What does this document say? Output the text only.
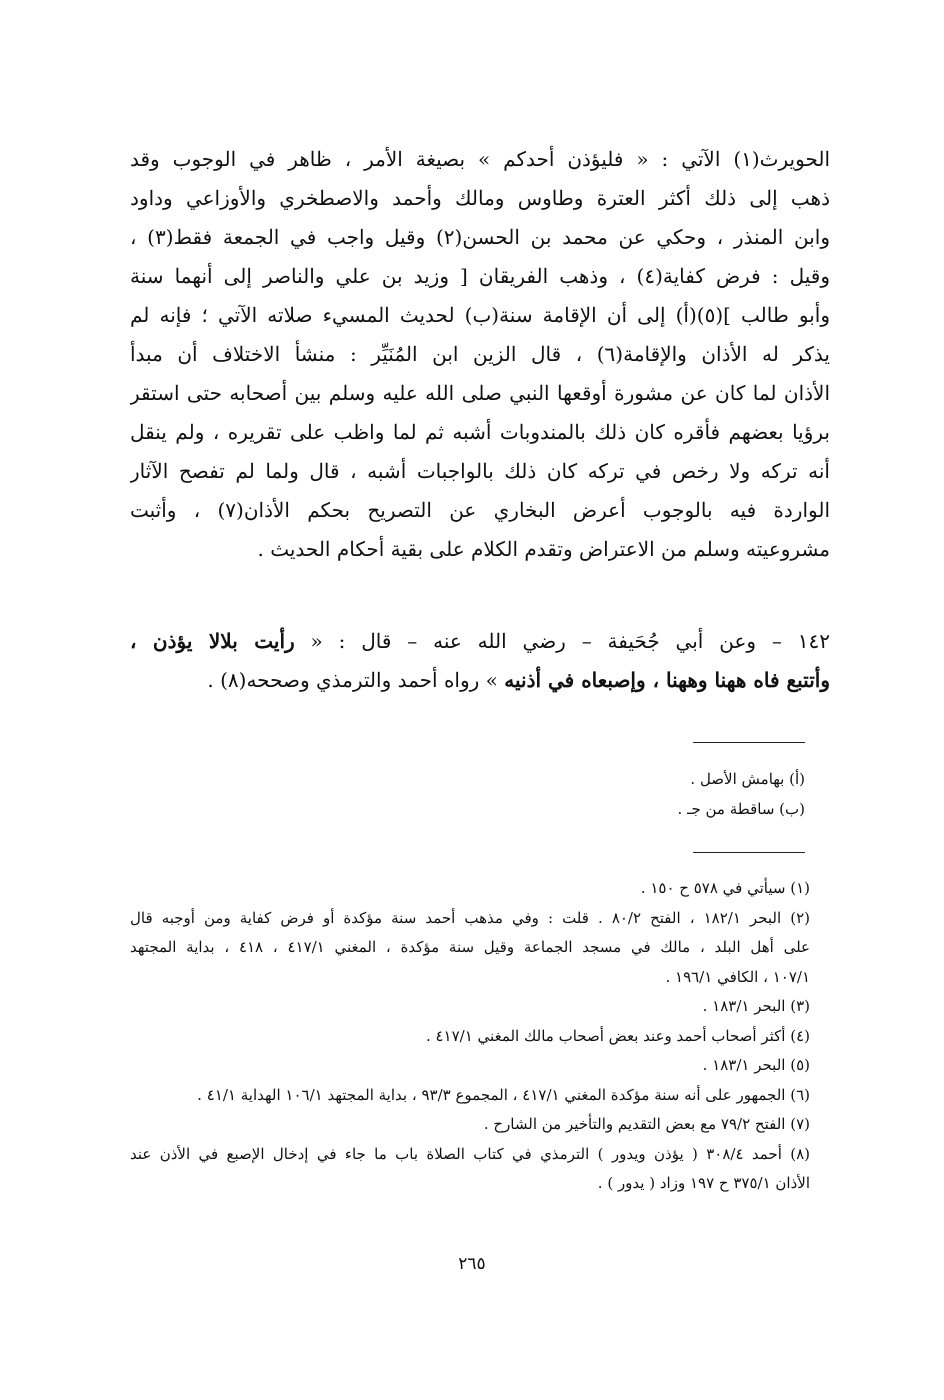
الحويرث(١) الآتي : « فليؤذن أحدكم » بصيغة الأمر ، ظاهر في الوجوب وقد
ذهب إلى ذلك أكثر العترة وطاوس ومالك وأحمد والاصطخري والأوزاعي وداود
وابن المنذر ، وحكي عن محمد بن الحسن(٢) وقيل واجب في الجمعة فقط(٣) ،
وقيل : فرض كفاية(٤) ، وذهب الفريقان [ وزيد بن علي والناصر إلى أنهما سنة
وأبو طالب ](٥)(أ) إلى أن الإقامة سنة(ب) لحديث المسيء صلاته الآتي ؛ فإنه لم
يذكر له الأذان والإقامة(٦) ، قال الزين ابن المُنَيِّر : منشأ الاختلاف أن مبدأ
الأذان لما كان عن مشورة أوقعها النبي صلى الله عليه وسلم بين أصحابه حتى استقر
برؤيا بعضهم فأقره كان ذلك بالمندوبات أشبه ثم لما واظب على تقريره ، ولم ينقل
أنه تركه ولا رخص في تركه كان ذلك بالواجبات أشبه ، قال ولما لم تفصح الآثار
الواردة فيه بالوجوب أعرض البخاري عن التصريح بحكم الأذان(٧) ، وأثبت
مشروعيته وسلم من الاعتراض وتقدم الكلام على بقية أحكام الحديث .
١٤٢ – وعن أبي جُحَيفة – رضي الله عنه – قال : « رأيت بلالا يؤذن ،
وأتتبع فاه ههنا وههنا ، وإصبعاه في أذنيه » رواه أحمد والترمذي وصححه(٨) .
(أ) بهامش الأصل .
(ب) ساقطة من جـ .
(١) سيأتي في ٥٧٨ ح ١٥٠ .
(٢) البحر ١٨٢/١ ، الفتح ٨٠/٢ . قلت : وفي مذهب أحمد سنة مؤكدة أو فرض كفاية ومن أوجبه قال
على أهل البلد ، مالك في مسجد الجماعة وقيل سنة مؤكدة ، المغني ٤١٧/١ ، ٤١٨ ، بداية المجتهد
١٠٧/١ ، الكافي ١٩٦/١ .
(٣) البحر ١٨٣/١ .
(٤) أكثر أصحاب أحمد وعند بعض أصحاب مالك المغني ٤١٧/١ .
(٥) البحر ١٨٣/١ .
(٦) الجمهور على أنه سنة مؤكدة المغني ٤١٧/١ ، المجموع ٩٣/٣ ، بداية المجتهد ١٠٦/١ الهداية ٤١/١ .
(٧) الفتح ٧٩/٢ مع بعض التقديم والتأخير من الشارح .
(٨) أحمد ٣٠٨/٤ ( يؤذن ويدور ) الترمذي في كتاب الصلاة باب ما جاء في إدخال الإصبع في الأذن عند
الأذان ٣٧٥/١ ح ١٩٧ وزاد ( يدور ) .
٢٦٥
